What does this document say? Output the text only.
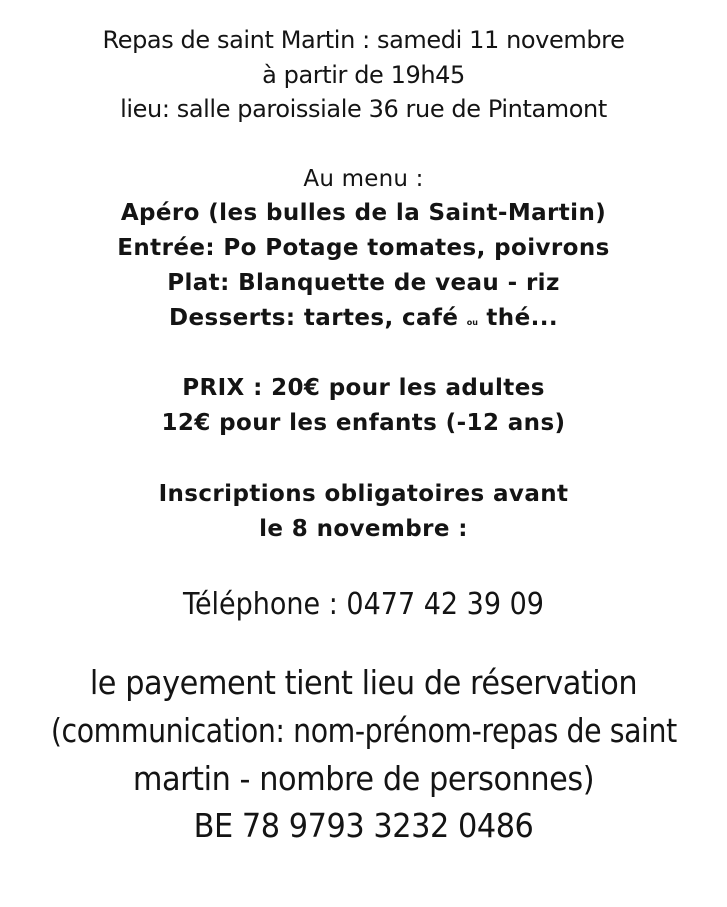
Repas de saint Martin : samedi 11 novembre
à partir de 19h45
lieu: salle paroissiale 36 rue de Pintamont
Au menu :
Apéro (les bulles de la Saint-Martin)
Entrée: Po Potage tomates, poivrons
Plat: Blanquette de veau - riz
Desserts: tartes, café ou thé...
PRIX : 20€ pour les adultes
12€ pour les enfants (-12 ans)
Inscriptions obligatoires avant
le 8 novembre :
Téléphone : 0477 42 39 09
le payement tient lieu de réservation
(communication: nom-prénom-repas de saint
martin - nombre de personnes)
BE 78 9793 3232 0486
